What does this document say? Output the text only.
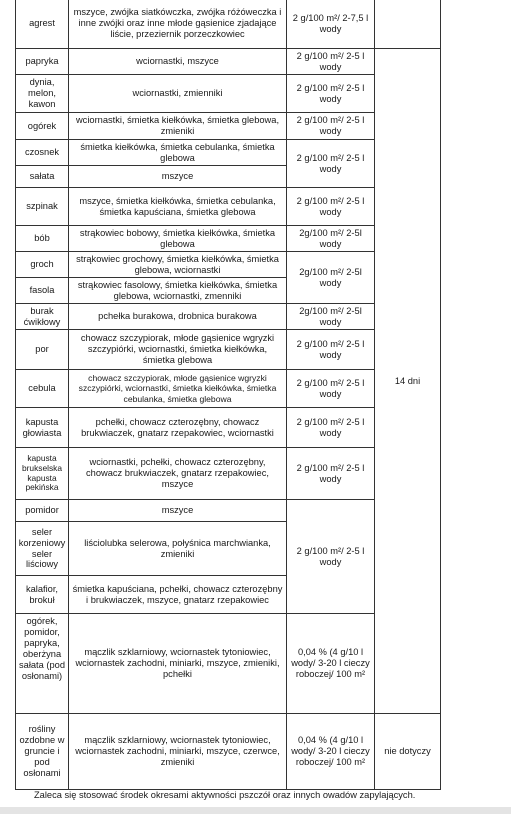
agrest	mszyce, zwójka siatkówczka, zwójka różóweczka i inne zwójki oraz inne młode gąsienice zjadające liście, przeziernik porzeczkowiec	2 g/100 m²/ 2-7,5 l wody	
papryka	wciornastki, mszyce	2 g/100 m²/ 2-5 l wody	14 dni
dynia, melon, kawon	wciornastki, zmienniki	2 g/100 m²/ 2-5 l wody	
ogórek	wciornastki, śmietka kiełkówka, śmietka glebowa, zmieniki	2 g/100 m²/ 2-5 l wody	
czosnek	śmietka kiełkówka, śmietka cebulanka, śmietka glebowa	2 g/100 m²/ 2-5 l wody	
sałata	mszyce		
szpinak	mszyce, śmietka kiełkówka, śmietka cebulanka, śmietka kapuściana, śmietka glebowa	2 g/100 m²/ 2-5 l wody	
bób	strąkowiec bobowy, śmietka kiełkówka, śmietka glebowa	2g/100 m²/ 2-5l wody	
groch	strąkowiec grochowy, śmietka kiełkówka, śmietka glebowa, wciornastki	2g/100 m²/ 2-5l wody	
fasola	strąkowiec fasolowy, śmietka kiełkówka, śmietka glebowa, wciornastki, zmenniki		
burak ćwikłowy	pchełka burakowa, drobnica burakowa	2g/100 m²/ 2-5l wody	
por	chowacz szczypiorak, młode gąsienice wgryzki szczypiórki, wciornastki, śmietka kiełkówka, śmietka glebowa	2 g/100 m²/ 2-5 l wody	
cebula	chowacz szczypiorak, młode gąsienice wgryzki szczypiórki, wciornastki, śmietka kiełkówka, śmietka cebulanka, śmietka glebowa	2 g/100 m²/ 2-5 l wody	
kapusta głowiasta	pchełki, chowacz czterozębny, chowacz brukwiaczek, gnatarz rzepakowiec, wciornastki	2 g/100 m²/ 2-5 l wody	
kapusta brukselska kapusta pekińska	wciornastki, pchełki, chowacz czterozębny, chowacz brukwiaczek, gnatarz rzepakowiec, mszyce	2 g/100 m²/ 2-5 l wody	
pomidor	mszyce	2 g/100 m²/ 2-5 l wody	
seler korzeniowy seler liściowy	liściolubka selerowa, połyśnica marchwianka, zmieniki		
kalafior, brokuł	śmietka kapuściana, pchełki, chowacz czterozębny i brukwiaczek, mszyce, gnatarz rzepakowiec		
ogórek, pomidor, papryka, oberżyna sałata (pod osłonami)	mączlik szklarniowy, wciornastek tytoniowiec, wciornastek zachodni, miniarki, mszyce, zmieniki, pchełki	0,04 % (4 g/10 l wody/ 3-20 l cieczy roboczej/ 100 m²	
rośliny ozdobne w gruncie i pod osłonami	mączlik szklarniowy, wciornastek tytoniowiec, wciornastek zachodni, miniarki, mszyce, czerwce, zmieniki	0,04 % (4 g/10 l wody/ 3-20 l cieczy roboczej/ 100 m²	nie dotyczy
Zaleca się stosować środek okresami aktywności pszczół oraz innych owadów zapylających.
